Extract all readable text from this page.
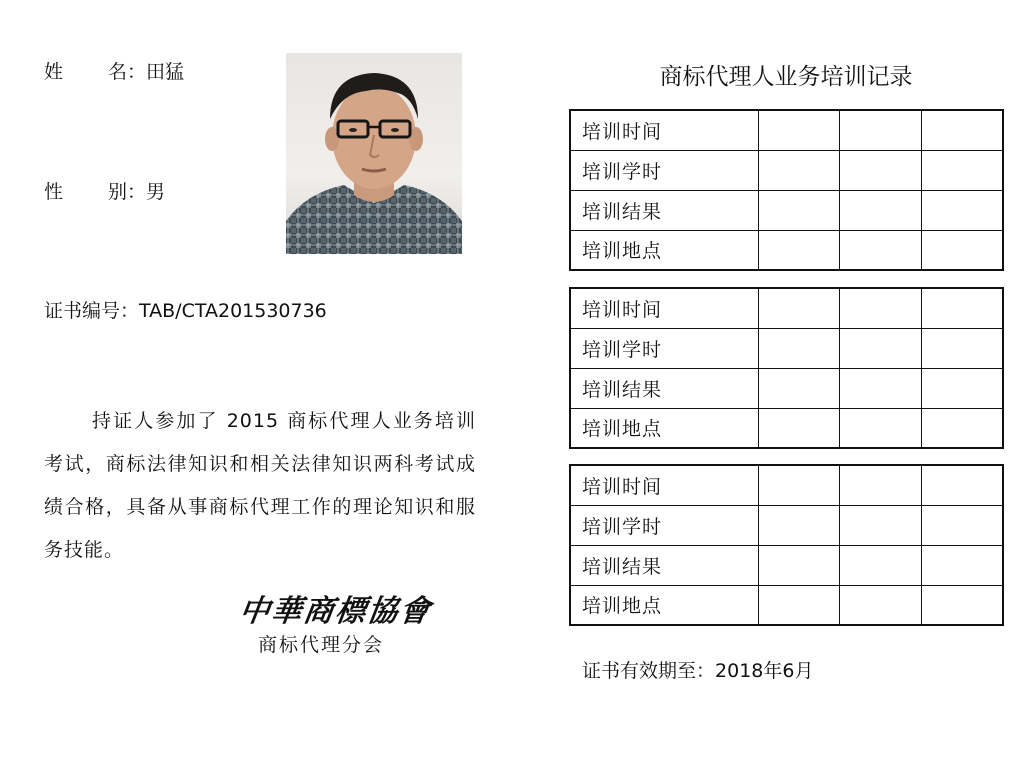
姓 名：田猛
性 别：男
证书编号：TAB/CTA201530736
持证人参加了 2015 商标代理人业务培训考试，商标法律知识和相关法律知识两科考试成绩合格，具备从事商标代理工作的理论知识和服务技能。
中華商標協會
商标代理分会
商标代理人业务培训记录
培训时间			
培训学时			
培训结果			
培训地点			
培训时间			
培训学时			
培训结果			
培训地点			
培训时间			
培训学时			
培训结果			
培训地点			
证书有效期至：2018年6月
